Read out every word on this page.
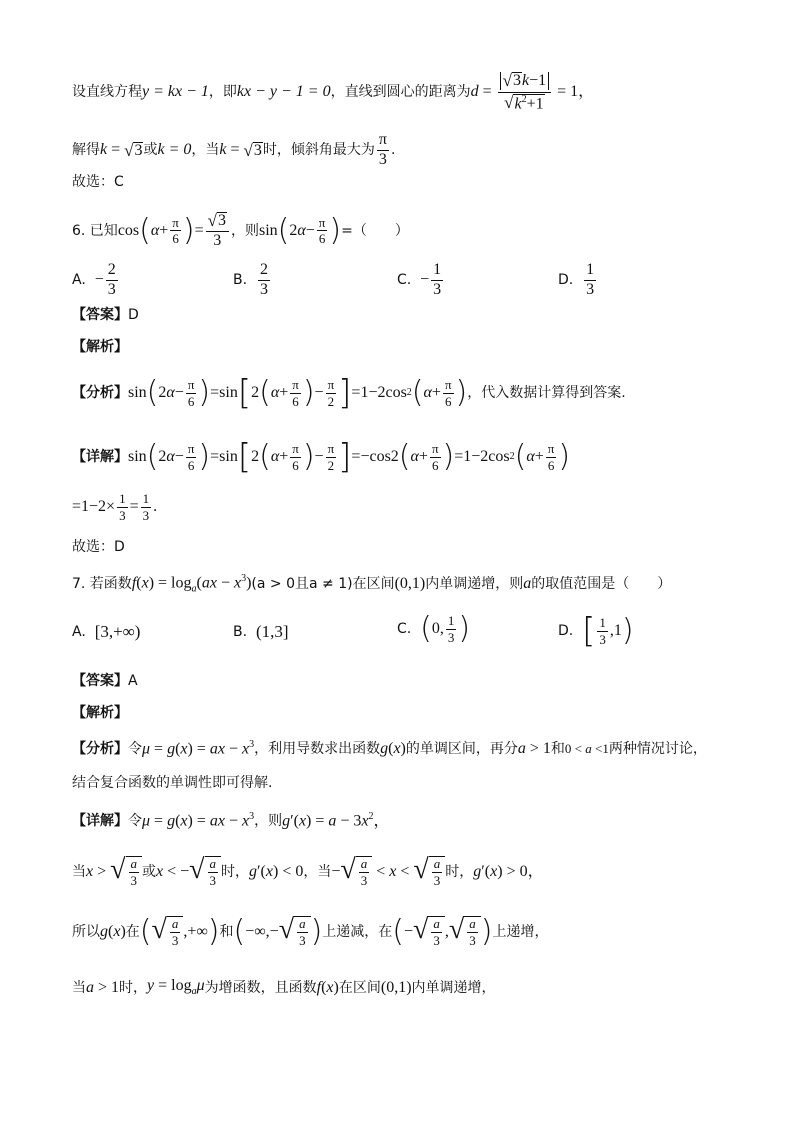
设直线方程 y = kx − 1 ，即 kx − y − 1 = 0 ，直线到圆心的距离为 $d = \frac{√ 3 k -1}{√ k^2+1} = 1$，
解得 k = √ 3 或 k = 0 ，当 k = √ 3 时，倾斜角最大为 $\frac{\pi}{3}$ .
故选：C
6. 已知 cos ( $\alpha + \frac{\pi}{6}$ ) = $\frac{√ 3}{3}$ ，则 sin ( 2 $\alpha - \frac{\pi}{6}$ ) =（　　）
A.
− $\frac{2}{3}$	B.
$\frac{2}{3}$	C.
− $\frac{1}{3}$	D.
$\frac{1}{3}$
【答案】 D
【解析】
【分析】 sin ( 2 $\alpha - \frac{\pi}{6}$ ) =sin [ 2 ( $\alpha + \frac{\pi}{6}$ ) − $\frac{\pi}{2}$ ] =1−2cos 2 ( $\alpha + \frac{\pi}{6}$ ) ，代入数据计算得到答案.
【详解】 sin ( 2 $\alpha - \frac{\pi}{6}$ ) =sin [ 2 ( $\alpha + \frac{\pi}{6}$ ) − $\frac{\pi}{2}$ ] =−cos2 ( $\alpha + \frac{\pi}{6}$ ) =1−2cos 2 ( $\alpha + \frac{\pi}{6}$ )
$=1-2\times \frac{1}{3} = \frac{1}{3}$ .
故选：D
7. 若函数 $f(x) = \log_a(ax - x^3) (a > 0$且a ≠ 1) 在区间 (0,1) 内单调递增，则 a 的取值范围是（　　）
A.
[3,+∞)	B.
(1,3]	C.
( 0, $\frac{1}{3}$ )	D.
[ $\frac{1}{3} ,1$ )
【答案】 A
【解析】
【分析】 令 μ = g(x) = ax − $x^3$ ，利用导数求出函数 g(x) 的单调区间，再分 a > 1 和 0 < a <1 两种情况讨论，
结合复合函数的单调性即可得解.
【详解】 令 μ = g(x) = ax − $x^3$ ，则 $g'(x) = a - 3x^2$，
当 x > √ $\frac{a}{3}$ 或 x < − √ $\frac{a}{3}$ 时， g′(x) < 0 ，当 − √ $\frac{a}{3} < x$ < √ $\frac{a}{3}$ 时， g′(x) > 0，
所以 g(x) 在 ( √ $\frac{a}{3}$ ,+∞ ) 和 ( −∞,− √ $\frac{a}{3}$ ) 上递减，在 ( − √ $\frac{a}{3}$ , √ $\frac{a}{3}$ ) 上递增，
当 a > 1 时， $y = \log_a\mu$ 为增函数，且函数 f(x) 在区间 (0,1) 内单调递增，
